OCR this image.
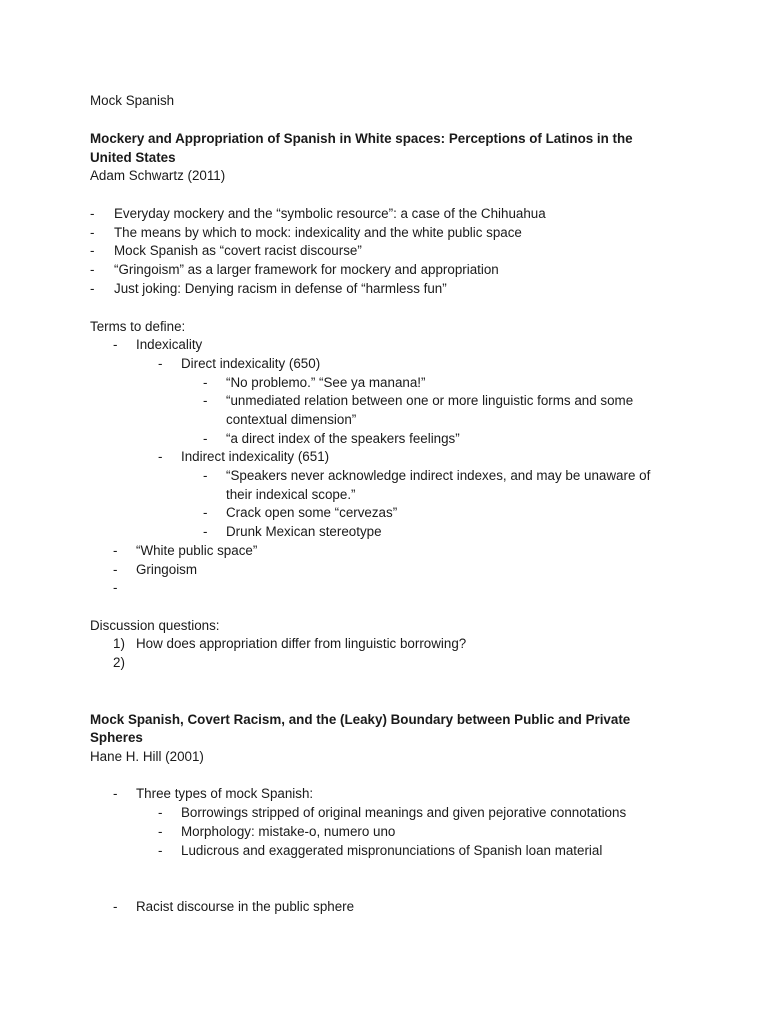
Mock Spanish
Mockery and Appropriation of Spanish in White spaces: Perceptions of Latinos in the
United States
Adam Schwartz (2011)
- Everyday mockery and the “symbolic resource”: a case of the Chihuahua
- The means by which to mock: indexicality and the white public space
- Mock Spanish as “covert racist discourse”
- “Gringoism” as a larger framework for mockery and appropriation
- Just joking: Denying racism in defense of “harmless fun”
Terms to define:
- Indexicality
- Direct indexicality (650)
- “No problemo.” “See ya manana!”
- “unmediated relation between one or more linguistic forms and some
contextual dimension”
- “a direct index of the speakers feelings”
- Indirect indexicality (651)
- “Speakers never acknowledge indirect indexes, and may be unaware of
their indexical scope.”
- Crack open some “cervezas”
- Drunk Mexican stereotype
- “White public space”
- Gringoism
-
Discussion questions:
1) How does appropriation differ from linguistic borrowing?
2)
Mock Spanish, Covert Racism, and the (Leaky) Boundary between Public and Private
Spheres
Hane H. Hill (2001)
- Three types of mock Spanish:
- Borrowings stripped of original meanings and given pejorative connotations
- Morphology: mistake-o, numero uno
- Ludicrous and exaggerated mispronunciations of Spanish loan material
- Racist discourse in the public sphere
